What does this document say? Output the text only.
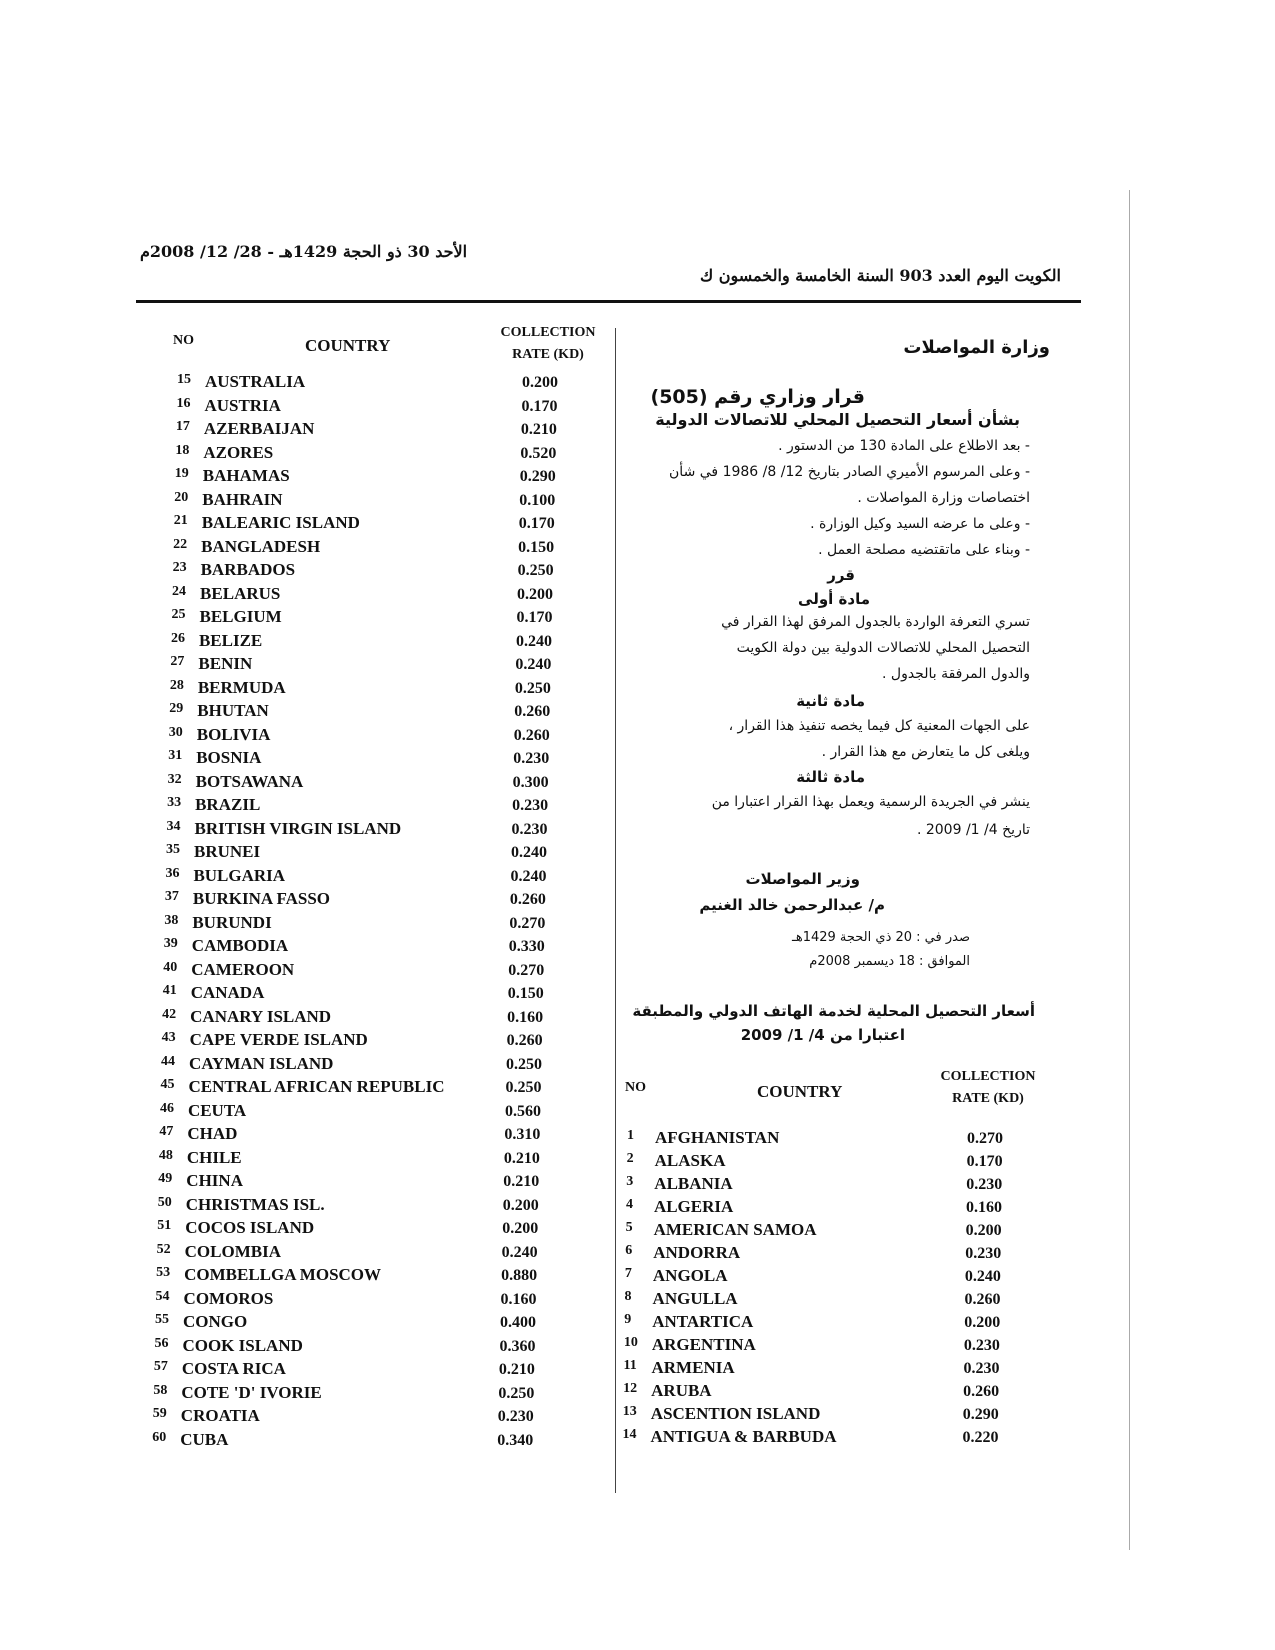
الأحد 30 ذو الحجة 1429هـ - 28/ 12/ 2008م
الكويت اليوم العدد 903 السنة الخامسة والخمسون ك
NO	COUNTRY
COLLECTION
RATE (KD)
15 AUSTRALIA	0.200
16 AUSTRIA	0.170
17 AZERBAIJAN	0.210
18 AZORES	0.520
19 BAHAMAS	0.290
20 BAHRAIN	0.100
21 BALEARIC ISLAND	0.170
22 BANGLADESH	0.150
23 BARBADOS	0.250
24 BELARUS	0.200
25 BELGIUM	0.170
26 BELIZE	0.240
27 BENIN	0.240
28 BERMUDA	0.250
29 BHUTAN	0.260
30 BOLIVIA	0.260
31 BOSNIA	0.230
32 BOTSAWANA	0.300
33 BRAZIL	0.230
34 BRITISH VIRGIN ISLAND	0.230
35 BRUNEI	0.240
36 BULGARIA	0.240
37 BURKINA FASSO	0.260
38 BURUNDI	0.270
39 CAMBODIA	0.330
40 CAMEROON	0.270
41 CANADA	0.150
42 CANARY ISLAND	0.160
43 CAPE VERDE ISLAND	0.260
44 CAYMAN ISLAND	0.250
45 CENTRAL AFRICAN REPUBLIC	0.250
46 CEUTA	0.560
47 CHAD	0.310
48 CHILE	0.210
49 CHINA	0.210
50 CHRISTMAS ISL.	0.200
51 COCOS ISLAND	0.200
52 COLOMBIA	0.240
53 COMBELLGA MOSCOW	0.880
54 COMOROS	0.160
55 CONGO	0.400
56 COOK ISLAND	0.360
57 COSTA RICA	0.210
58 COTE 'D' IVORIE	0.250
59 CROATIA	0.230
60 CUBA	0.340
وزارة المواصلات
قرار وزاري رقم (505)
بشأن أسعار التحصيل المحلي للاتصالات الدولية
- بعد الاطلاع على المادة 130 من الدستور .
- وعلى المرسوم الأميري الصادر بتاريخ 12/ 8/ 1986 في شأن
اختصاصات وزارة المواصلات .
- وعلى ما عرضه السيد وكيل الوزارة .
- وبناء على ماتقتضيه مصلحة العمل .
قرر
مادة أولى
تسري التعرفة الواردة بالجدول المرفق لهذا القرار في
التحصيل المحلي للاتصالات الدولية بين دولة الكويت
والدول المرفقة بالجدول .
مادة ثانية
على الجهات المعنية كل فيما يخصه تنفيذ هذا القرار ،
ويلغى كل ما يتعارض مع هذا القرار .
مادة ثالثة
ينشر في الجريدة الرسمية ويعمل بهذا القرار اعتبارا من
تاريخ 4/ 1/ 2009 .
وزير المواصلات
م/ عبدالرحمن خالد الغنيم
صدر في : 20 ذي الحجة 1429هـ
الموافق : 18 ديسمبر 2008م
أسعار التحصيل المحلية لخدمة الهاتف الدولي والمطبقة
اعتبارا من 4/ 1/ 2009
NO	COUNTRY
COLLECTION
RATE (KD)
1 AFGHANISTAN	0.270
2 ALASKA	0.170
3 ALBANIA	0.230
4 ALGERIA	0.160
5 AMERICAN SAMOA	0.200
6 ANDORRA	0.230
7 ANGOLA	0.240
8 ANGULLA	0.260
9 ANTARTICA	0.200
10 ARGENTINA	0.230
11 ARMENIA	0.230
12 ARUBA	0.260
13 ASCENTION ISLAND	0.290
14 ANTIGUA & BARBUDA	0.220
